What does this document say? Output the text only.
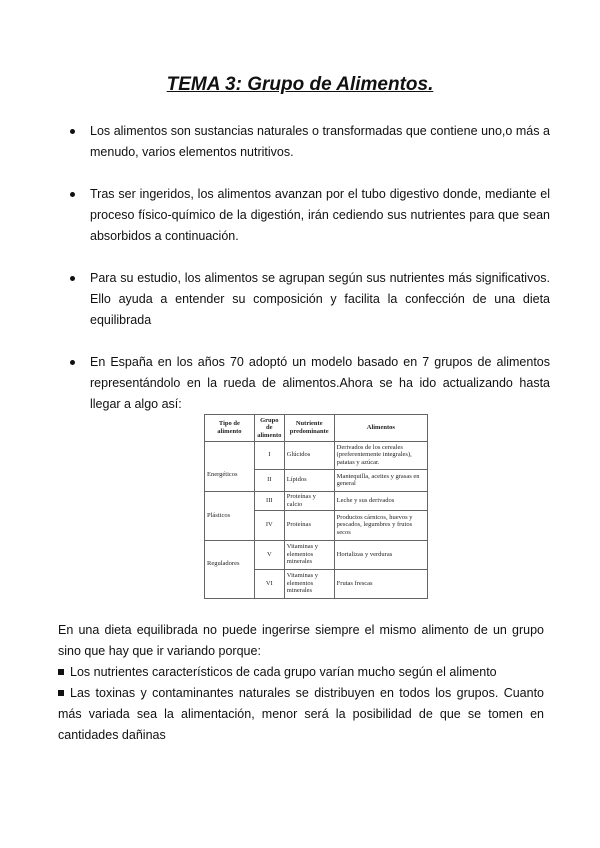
TEMA 3: Grupo de Alimentos.
Los alimentos son sustancias naturales o transformadas que contiene uno,o más a menudo, varios elementos nutritivos.
Tras ser ingeridos, los alimentos avanzan por el tubo digestivo donde, mediante el proceso físico-químico de la digestión, irán cediendo sus nutrientes para que sean absorbidos a continuación.
Para su estudio, los alimentos se agrupan según sus nutrientes más significativos. Ello ayuda a entender su composición y facilita la confección de una dieta equilibrada
En España en los años 70 adoptó un modelo basado en 7 grupos de alimentos representándolo en la rueda de alimentos.Ahora se ha ido actualizando hasta llegar a algo así:
Tipo de alimento	Grupo de alimento	Nutriente predominante	Alimentos
	I	Glúcidos	Derivados de los cereales (preferentemente integrales), patatas y azúcar.
Energéticos	II	Lípidos	Mantequilla, aceites y grasas en general
	III	Proteínas y calcio	Leche y sus derivados
Plásticos	IV	Proteínas	Productos cárnicos, huevos y pescados, legumbres y frutos secos
Reguladores	V	Vitaminas y elementos minerales	Hortalizas y verduras
	VI	Vitaminas y elementos minerales	Frutas frescas

En una dieta equilibrada no puede ingerirse siempre el mismo alimento de un grupo sino que hay que ir variando porque:

Los nutrientes característicos de cada grupo varían mucho según el alimento

Las toxinas y contaminantes naturales se distribuyen en todos los grupos. Cuanto más variada sea la alimentación, menor será la posibilidad de que se tomen en cantidades dañinas
